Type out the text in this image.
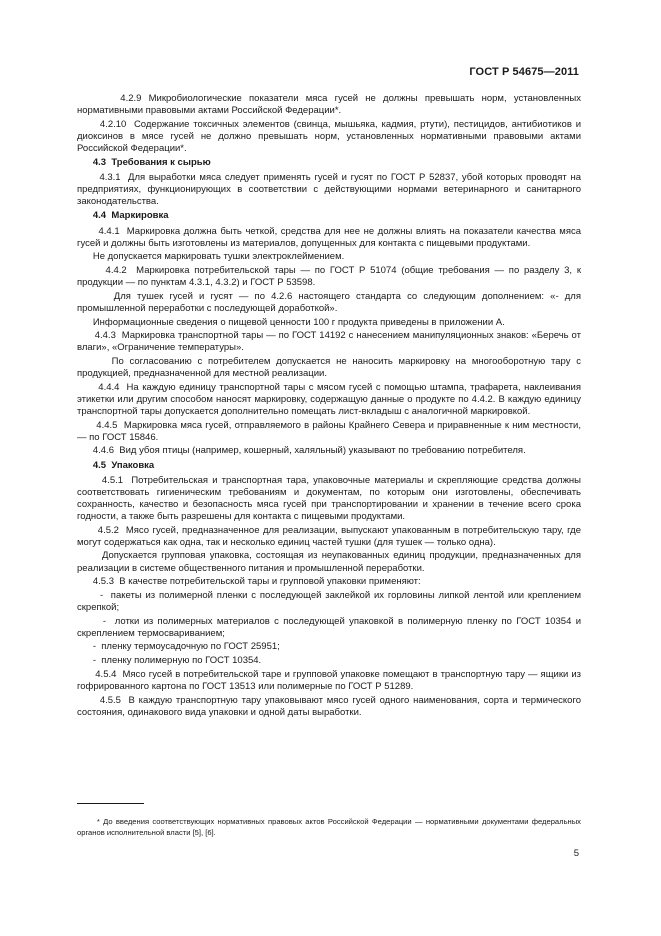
ГОСТ Р 54675—2011

4.2.9 Микробиологические показатели мяса гусей не должны превышать норм, установленных нормативными правовыми актами Российской Федерации*.

4.2.10  Содержание токсичных элементов (свинца, мышьяка, кадмия, ртути), пестицидов, антибиотиков и диоксинов в мясе гусей не должно превышать норм, установленных нормативными правовыми актами Российской Федерации*.

4.3  Требования к сырью

4.3.1  Для выработки мяса следует применять гусей и гусят по ГОСТ Р 52837, убой которых проводят на предприятиях, функционирующих в соответствии с действующими нормами ветеринарного и санитарного законодательства.

4.4  Маркировка

4.4.1  Маркировка должна быть четкой, средства для нее не должны влиять на показатели качества мяса гусей и должны быть изготовлены из материалов, допущенных для контакта с пищевыми продуктами.

Не допускается маркировать тушки электроклеймением.

4.4.2  Маркировка потребительской тары — по ГОСТ Р 51074 (общие требования — по разделу 3, к продукции — по пунктам 4.3.1, 4.3.2) и ГОСТ Р 53598.

Для тушек гусей и гусят — по 4.2.6 настоящего стандарта со следующим дополнением: «- для промышленной переработки с последующей доработкой».

Информационные сведения о пищевой ценности 100 г продукта приведены в приложении А.

4.4.3  Маркировка транспортной тары — по ГОСТ 14192 с нанесением манипуляционных знаков: «Беречь от влаги», «Ограничение температуры».

По согласованию с потребителем допускается не наносить маркировку на многооборотную тару с продукцией, предназначенной для местной реализации.

4.4.4  На каждую единицу транспортной тары с мясом гусей с помощью штампа, трафарета, наклеивания этикетки или другим способом наносят маркировку, содержащую данные о продукте по 4.4.2. В каждую единицу транспортной тары допускается дополнительно помещать лист-вкладыш с аналогичной маркировкой.

4.4.5  Маркировка мяса гусей, отправляемого в районы Крайнего Севера и приравненные к ним местности, — по ГОСТ 15846.

4.4.6  Вид убоя птицы (например, кошерный, халяльный) указывают по требованию потребителя.

4.5  Упаковка

4.5.1  Потребительская и транспортная тара, упаковочные материалы и скрепляющие средства должны соответствовать гигиеническим требованиям и документам, по которым они изготовлены, обеспечивать сохранность, качество и безопасность мяса гусей при транспортировании и хранении в течение всего срока годности, а также быть разрешены для контакта с пищевыми продуктами.

4.5.2  Мясо гусей, предназначенное для реализации, выпускают упакованным в потребительскую тару, где могут содержаться как одна, так и несколько единиц частей тушки (для тушек — только одна).

Допускается групповая упаковка, состоящая из неупакованных единиц продукции, предназначенных для реализации в системе общественного питания и промышленной переработки.

4.5.3  В качестве потребительской тары и групповой упаковки применяют:

-  пакеты из полимерной пленки с последующей заклейкой их горловины липкой лентой или креплением скрепкой;

-  лотки из полимерных материалов с последующей упаковкой в полимерную пленку по ГОСТ 10354 и скреплением термосвариванием;

-  пленку термоусадочную по ГОСТ 25951;

-  пленку полимерную по ГОСТ 10354.

4.5.4  Мясо гусей в потребительской таре и групповой упаковке помещают в транспортную тару — ящики из гофрированного картона по ГОСТ 13513 или полимерные по ГОСТ Р 51289.

4.5.5  В каждую транспортную тару упаковывают мясо гусей одного наименования, сорта и термического состояния, одинакового вида упаковки и одной даты выработки.

* До введения соответствующих нормативных правовых актов Российской Федерации — нормативными документами федеральных органов исполнительной власти [5], [6].
5
